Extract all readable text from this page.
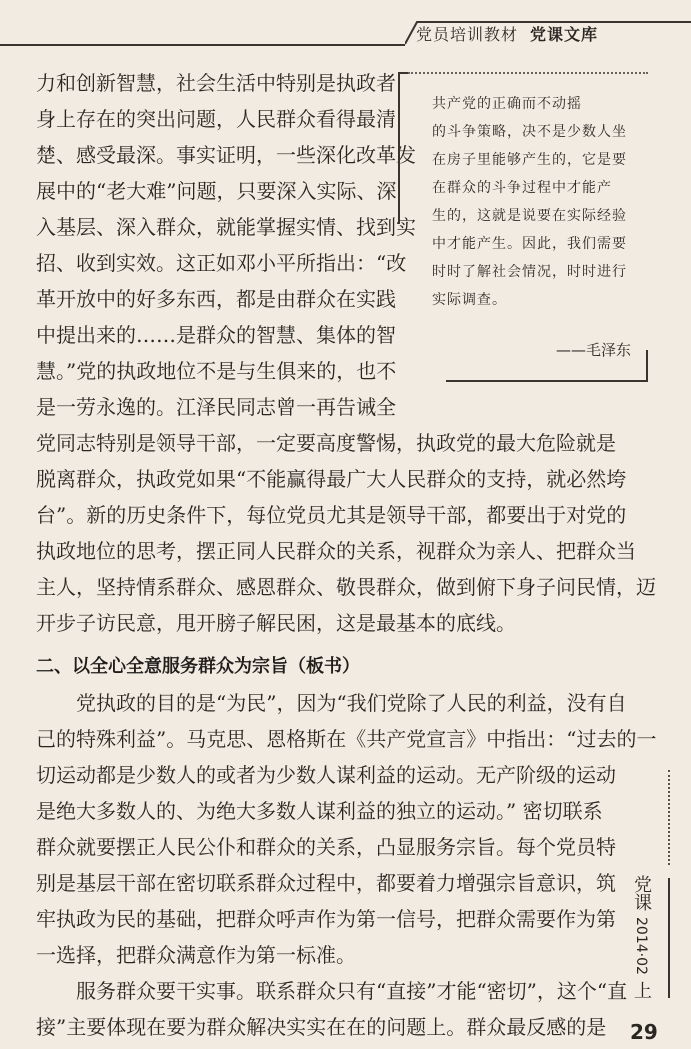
党员培训教材 党课文库
力和创新智慧，社会生活中特别是执政者
身上存在的突出问题，人民群众看得最清
楚、感受最深。事实证明，一些深化改革发
展中的“老大难”问题，只要深入实际、深
入基层、深入群众，就能掌握实情、找到实
招、收到实效。这正如邓小平所指出：“改
革开放中的好多东西，都是由群众在实践
中提出来的……是群众的智慧、集体的智
慧。”党的执政地位不是与生俱来的，也不
是一劳永逸的。江泽民同志曾一再告诫全
党同志特别是领导干部，一定要高度警惕，执政党的最大危险就是
脱离群众，执政党如果“不能赢得最广大人民群众的支持，就必然垮
台”。新的历史条件下，每位党员尤其是领导干部，都要出于对党的
执政地位的思考，摆正同人民群众的关系，视群众为亲人、把群众当
主人，坚持情系群众、感恩群众、敬畏群众，做到俯下身子问民情，迈
开步子访民意，甩开膀子解民困，这是最基本的底线。
二、以全心全意服务群众为宗旨（板书）
　　党执政的目的是“为民”，因为“我们党除了人民的利益，没有自
己的特殊利益”。马克思、恩格斯在《共产党宣言》中指出：“过去的一
切运动都是少数人的或者为少数人谋利益的运动。无产阶级的运动
是绝大多数人的、为绝大多数人谋利益的独立的运动。” 密切联系
群众就要摆正人民公仆和群众的关系，凸显服务宗旨。每个党员特
别是基层干部在密切联系群众过程中，都要着力增强宗旨意识，筑
牢执政为民的基础，把群众呼声作为第一信号，把群众需要作为第
一选择，把群众满意作为第一标准。
　　服务群众要干实事。联系群众只有“直接”才能“密切”，这个“直
接”主要体现在要为群众解决实实在在的问题上。群众最反感的是
共产党的正确而不动摇
的斗争策略，决不是少数人坐
在房子里能够产生的，它是要
在群众的斗争过程中才能产
生的，这就是说要在实际经验
中才能产生。因此，我们需要
时时了解社会情况，时时进行
实际调查。
——毛泽东
党课
2014·02
上
29
